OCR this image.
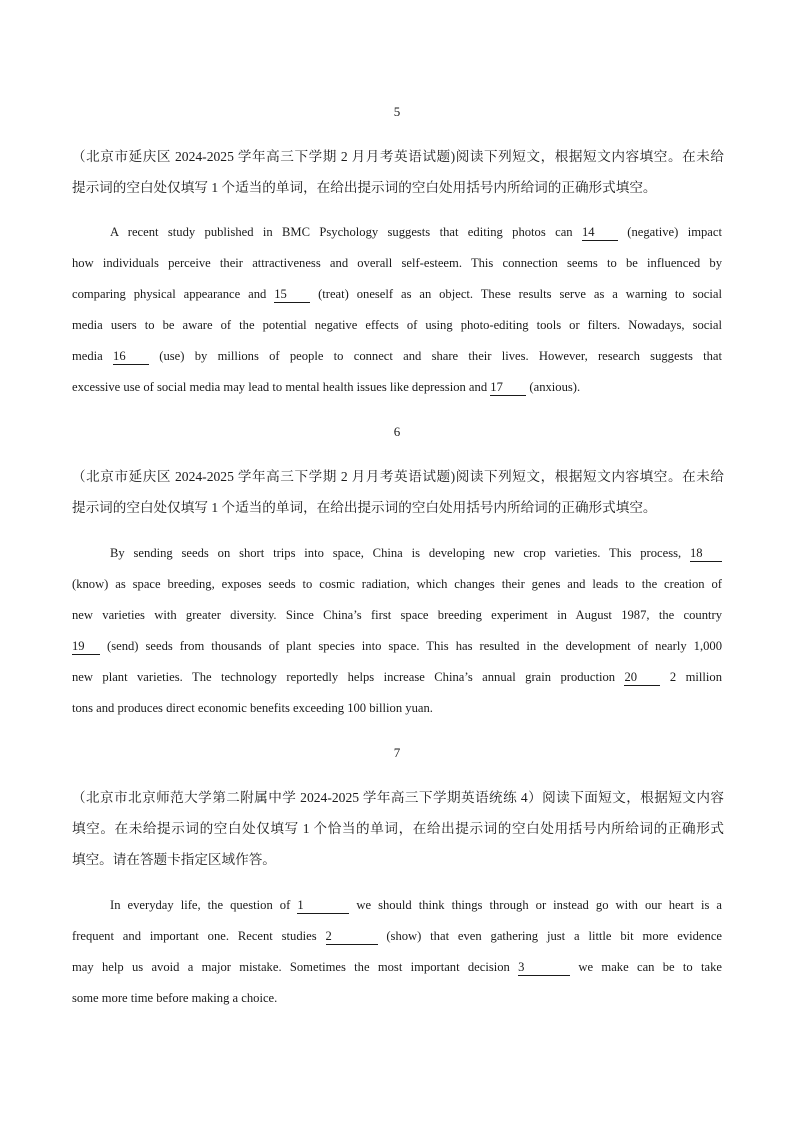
5
（北京市延庆区 2024-2025 学年高三下学期 2 月月考英语试题)阅读下列短文，根据短文内容填空。在未给
提示词的空白处仅填写 1 个适当的单词，在给出提示词的空白处用括号内所给词的正确形式填空。
A recent study published in BMC Psychology suggests that editing photos can 14 (negative) impact
how individuals perceive their attractiveness and overall self-esteem. This connection seems to be influenced by
comparing physical appearance and 15 (treat) oneself as an object. These results serve as a warning to social
media users to be aware of the potential negative effects of using photo-editing tools or filters. Nowadays, social
media 16 (use) by millions of people to connect and share their lives. However, research suggests that
excessive use of social media may lead to mental health issues like depression and 17 (anxious).
6
（北京市延庆区 2024-2025 学年高三下学期 2 月月考英语试题)阅读下列短文，根据短文内容填空。在未给
提示词的空白处仅填写 1 个适当的单词，在给出提示词的空白处用括号内所给词的正确形式填空。
By sending seeds on short trips into space, China is developing new crop varieties. This process, 18
(know) as space breeding, exposes seeds to cosmic radiation, which changes their genes and leads to the creation of
new varieties with greater diversity. Since China’s first space breeding experiment in August 1987, the country
19 (send) seeds from thousands of plant species into space. This has resulted in the development of nearly 1,000
new plant varieties. The technology reportedly helps increase China’s annual grain production 20 2 million
tons and produces direct economic benefits exceeding 100 billion yuan.
7
（北京市北京师范大学第二附属中学 2024-2025 学年高三下学期英语统练 4）阅读下面短文，根据短文内容
填空。在未给提示词的空白处仅填写 1 个恰当的单词，在给出提示词的空白处用括号内所给词的正确形式
填空。请在答题卡指定区域作答。
In everyday life, the question of 1	we should think things through or instead go with our heart is a
frequent and important one. Recent studies 2	(show) that even gathering just a little bit more evidence
may help us avoid a major mistake. Sometimes the most important decision 3	we make can be to take
some more time before making a choice.
